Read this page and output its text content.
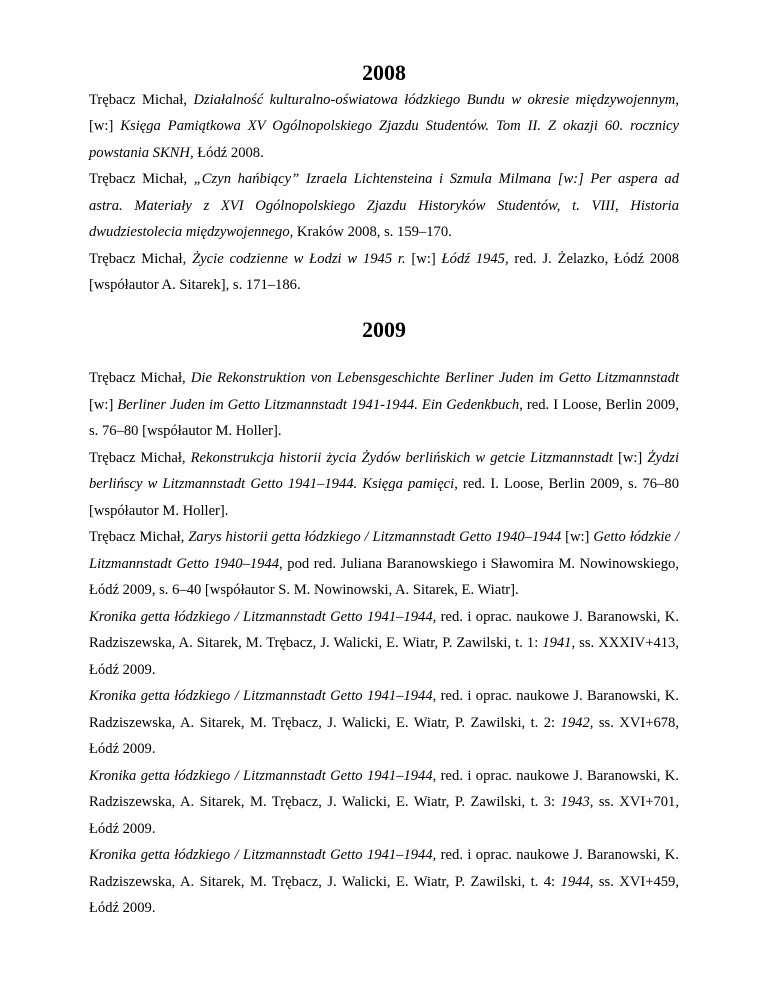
2008

Trębacz Michał, Działalność kulturalno-oświatowa łódzkiego Bundu w okresie międzywojennym, [w:] Księga Pamiątkowa XV Ogólnopolskiego Zjazdu Studentów. Tom II. Z okazji 60. rocznicy powstania SKNH, Łódź 2008.

Trębacz Michał, „Czyn hańbiący” Izraela Lichtensteina i Szmula Milmana [w:] Per aspera ad astra. Materiały z XVI Ogólnopolskiego Zjazdu Historyków Studentów, t. VIII, Historia dwudziestolecia międzywojennego, Kraków 2008, s. 159–170.

Trębacz Michał, Życie codzienne w Łodzi w 1945 r. [w:] Łódź 1945, red. J. Żelazko, Łódź 2008 [współautor A. Sitarek], s. 171–186.

2009

Trębacz Michał, Die Rekonstruktion von Lebensgeschichte Berliner Juden im Getto Litzmannstadt [w:] Berliner Juden im Getto Litzmannstadt 1941-1944. Ein Gedenkbuch, red. I Loose, Berlin 2009, s. 76–80 [współautor M. Holler].

Trębacz Michał, Rekonstrukcja historii życia Żydów berlińskich w getcie Litzmannstadt [w:] Żydzi berlińscy w Litzmannstadt Getto 1941–1944. Księga pamięci, red. I. Loose, Berlin 2009, s. 76–80 [współautor M. Holler].

Trębacz Michał, Zarys historii getta łódzkiego / Litzmannstadt Getto 1940–1944 [w:] Getto łódzkie / Litzmannstadt Getto 1940–1944, pod red. Juliana Baranowskiego i Sławomira M. Nowinowskiego, Łódź 2009, s. 6–40 [współautor S. M. Nowinowski, A. Sitarek, E. Wiatr].

Kronika getta łódzkiego / Litzmannstadt Getto 1941–1944, red. i oprac. naukowe J. Baranowski, K. Radziszewska, A. Sitarek, M. Trębacz, J. Walicki, E. Wiatr, P. Zawilski, t. 1: 1941, ss. XXXIV+413, Łódź 2009.

Kronika getta łódzkiego / Litzmannstadt Getto 1941–1944, red. i oprac. naukowe J. Baranowski, K. Radziszewska, A. Sitarek, M. Trębacz, J. Walicki, E. Wiatr, P. Zawilski, t. 2: 1942, ss. XVI+678, Łódź 2009.

Kronika getta łódzkiego / Litzmannstadt Getto 1941–1944, red. i oprac. naukowe J. Baranowski, K. Radziszewska, A. Sitarek, M. Trębacz, J. Walicki, E. Wiatr, P. Zawilski, t. 3: 1943, ss. XVI+701, Łódź 2009.

Kronika getta łódzkiego / Litzmannstadt Getto 1941–1944, red. i oprac. naukowe J. Baranowski, K. Radziszewska, A. Sitarek, M. Trębacz, J. Walicki, E. Wiatr, P. Zawilski, t. 4: 1944, ss. XVI+459, Łódź 2009.
